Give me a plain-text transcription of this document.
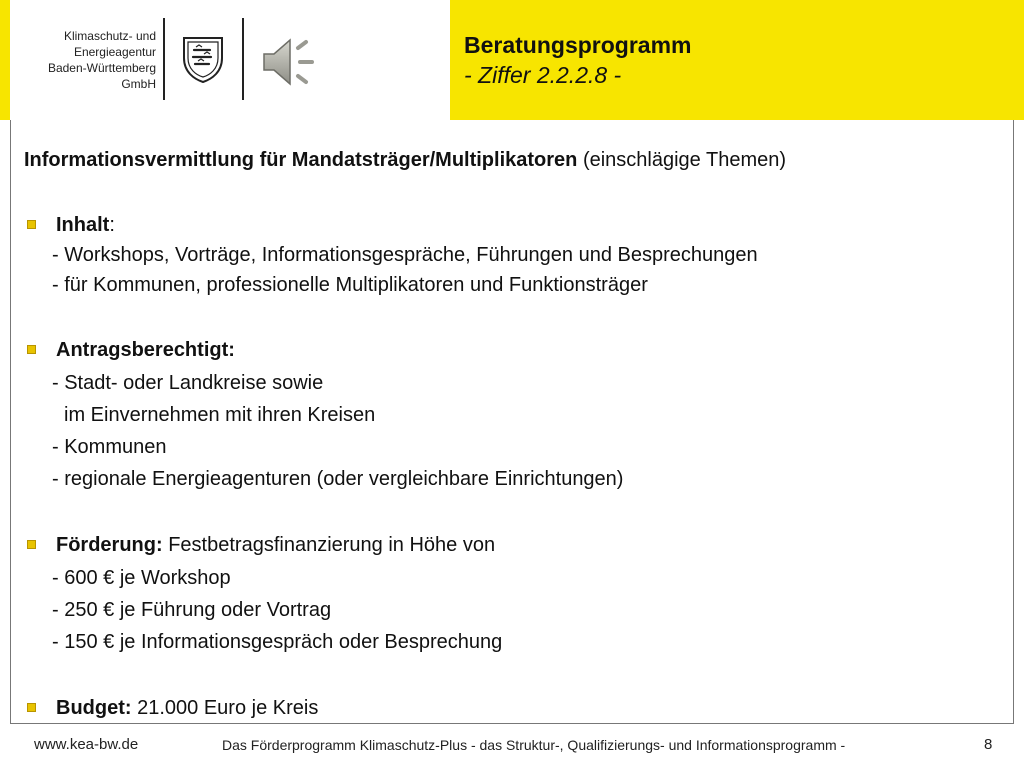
Klimaschutz- und
Energieagentur
Baden-Württemberg
GmbH
Beratungsprogramm
- Ziffer 2.2.2.8 -
Informationsvermittlung für Mandatsträger/Multiplikatoren (einschlägige Themen)
Inhalt:
- Workshops, Vorträge, Informationsgespräche, Führungen und Besprechungen
- für Kommunen, professionelle Multiplikatoren und Funktionsträger
Antragsberechtigt:
- Stadt- oder Landkreise sowie
im Einvernehmen mit ihren Kreisen
- Kommunen
- regionale Energieagenturen (oder vergleichbare Einrichtungen)
Förderung: Festbetragsfinanzierung in Höhe von
- 600 € je Workshop
- 250 € je Führung oder Vortrag
- 150 € je Informationsgespräch oder Besprechung
Budget: 21.000 Euro je Kreis
www.kea-bw.de	Das Förderprogramm Klimaschutz-Plus - das Struktur-, Qualifizierungs- und Informationsprogramm -	8
